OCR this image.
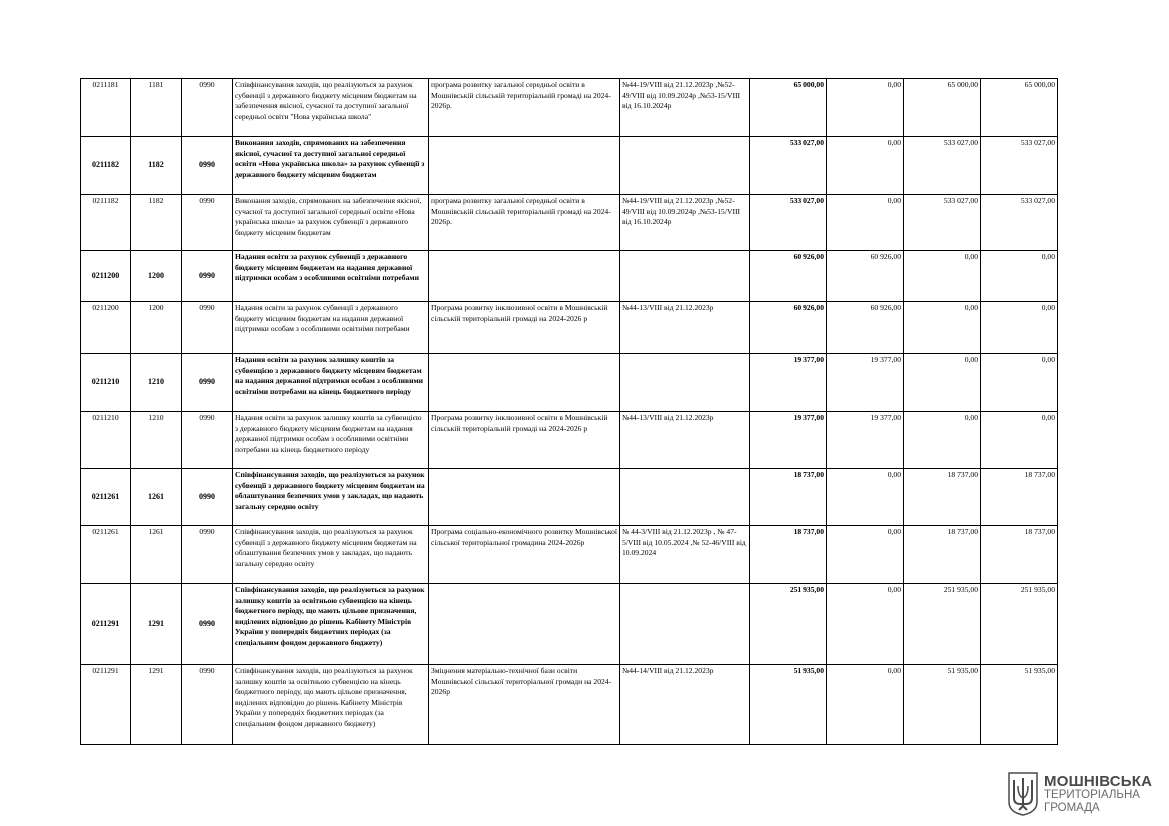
0211181	1181	0990	Співфінансування заходів, що реалізуються за рахунок субвенції з державного бюджету місцевим бюджетам на забезпечення якісної, сучасної та доступної загальної середньої освіти "Нова українська школа"	програма розвитку загальної середньої освіти в Мошнівській сільській територіальній громаді на 2024-2026р.	№44-19/VIII від 21.12.2023р ,№52-49/VIII від 10.09.2024р ,№53-15/VIII від 16.10.2024р	65 000,00	0,00	65 000,00	65 000,00
0211182	1182	0990	Виконання заходів, спрямованих на забезпечення якісної, сучасної та доступної загальної середньої освіти «Нова українська школа» за рахунок субвенції з державного бюджету місцевим бюджетам			533 027,00	0,00	533 027,00	533 027,00
0211182	1182	0990	Виконання заходів, спрямованих на забезпечення якісної, сучасної та доступної загальної середньої освіти «Нова українська школа» за рахунок субвенції з державного бюджету місцевим бюджетам	програма розвитку загальної середньої освіти в Мошнівській сільській територіальній громаді на 2024-2026р.	№44-19/VIII від 21.12.2023р ,№52-49/VIII від 10.09.2024р ,№53-15/VIII від 16.10.2024р	533 027,00	0,00	533 027,00	533 027,00
0211200	1200	0990	Надання освіти за рахунок субвенції з державного бюджету місцевим бюджетам на надання державної підтримки особам з особливими освітніми потребами			60 926,00	60 926,00	0,00	0,00
0211200	1200	0990	Надання освіти за рахунок субвенції з державного бюджету місцевим бюджетам на надання державної підтримки особам з особливими освітніми потребами	Програма розвитку інклюзивної освіти в Мошнівській сільській територіальній громаді на 2024-2026 р	№44-13/VIII від 21.12.2023р	60 926,00	60 926,00	0,00	0,00
0211210	1210	0990	Надання освіти за рахунок залишку коштів за субвенцією з державного бюджету місцевим бюджетам на надання державної підтримки особам з особливими освітніми потребами на кінець бюджетного періоду			19 377,00	19 377,00	0,00	0,00
0211210	1210	0990	Надання освіти за рахунок залишку коштів за субвенцією з державного бюджету місцевим бюджетам на надання державної підтримки особам з особливими освітніми потребами на кінець бюджетного періоду	Програма розвитку інклюзивної освіти в Мошнівській сільській територіальній громаді на 2024-2026 р	№44-13/VIII від 21.12.2023р	19 377,00	19 377,00	0,00	0,00
0211261	1261	0990	Співфінансування заходів, що реалізуються за рахунок субвенції з державного бюджету місцевим бюджетам на облаштування безпечних умов у закладах, що надають загальну середню освіту			18 737,00	0,00	18 737,00	18 737,00
0211261	1261	0990	Співфінансування заходів, що реалізуються за рахунок субвенції з державного бюджету місцевим бюджетам на облаштування безпечних умов у закладах, що надають загальну середню освіту	Програма соціально-економічного розвитку Мошнівської сільської територіальної громадина 2024-2026р	№ 44-3/VIII від 21.12.2023р , № 47-5/VIII від 10.05.2024 ,№ 52-46/VIII від 10.09.2024	18 737,00	0,00	18 737,00	18 737,00
0211291	1291	0990	Співфінансування заходів, що реалізуються за рахунок залишку коштів за освітньою субвенцією на кінець бюджетного періоду, що мають цільове призначення, виділених відповідно до рішень Кабінету Міністрів України у попередніх бюджетних періодах (за спеціальним фондом державного бюджету)			251 935,00	0,00	251 935,00	251 935,00
0211291	1291	0990	Співфінансування заходів, що реалізуються за рахунок залишку коштів за освітньою субвенцією на кінець бюджетного періоду, що мають цільове призначення, виділених відповідно до рішень Кабінету Міністрів України у попередніх бюджетних періодах (за спеціальним фондом державного бюджету)	Зміцнення матеріально-технічної бази освіти Мошнівської сільської територіальної громади на 2024-2026р	№44-14/VIII від 21.12.2023р	51 935,00	0,00	51 935,00	51 935,00
МОШНІВСЬКА
ТЕРИТОРІАЛЬНА
ГРОМАДА
